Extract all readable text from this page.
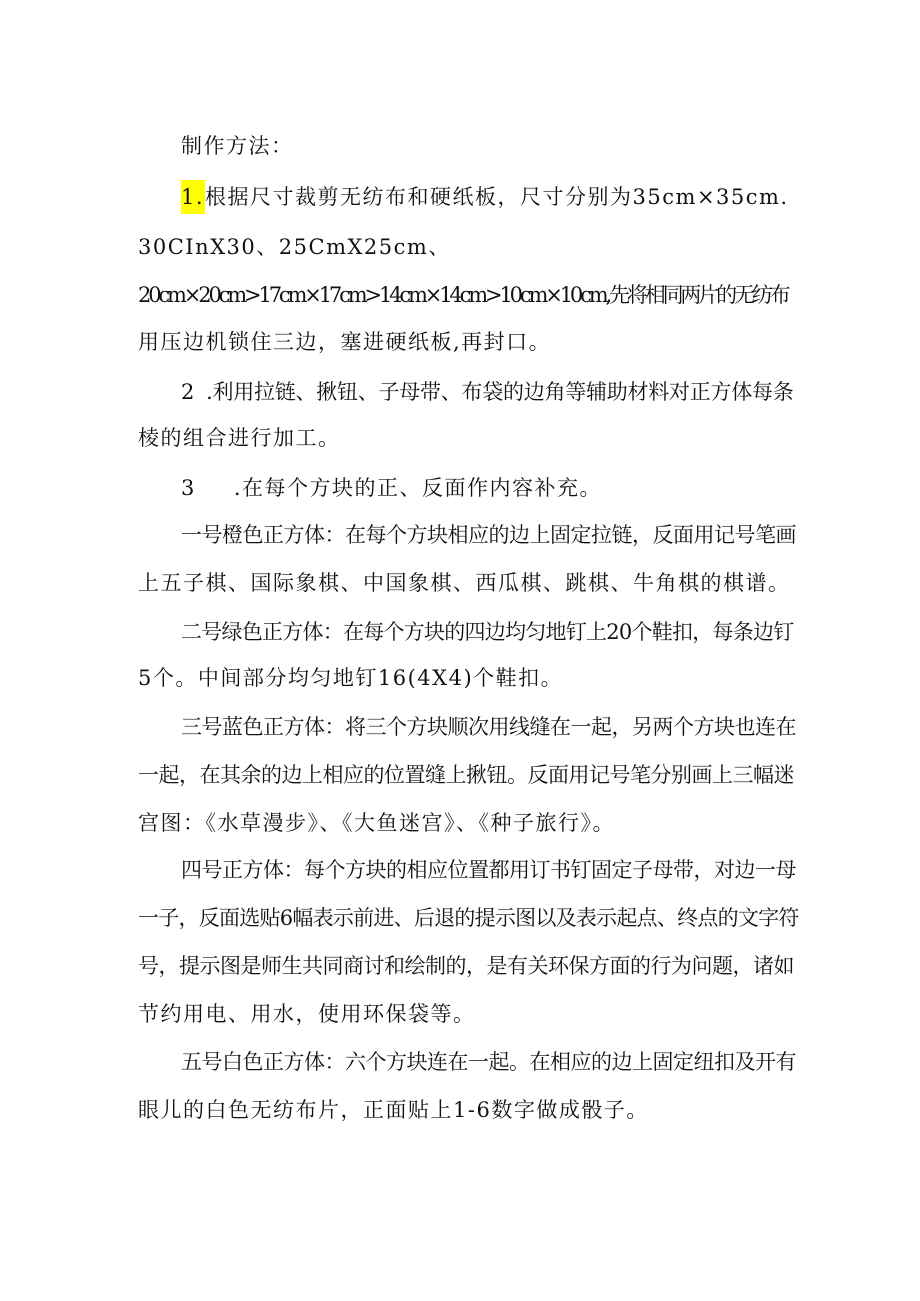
制作方法：
1.根据尺寸裁剪无纺布和硬纸板，尺寸分别为35cm×35cm.
30CInX30、25CmX25cm、
20cm×20cm>17cm×17cm>14cm×14cm>10cm×10cm,先将相同两片的无纺布
用压边机锁住三边，塞进硬纸板,再封口。
2 .利用拉链、揪钮、子母带、布袋的边角等辅助材料对正方体每条
棱的组合进行加工。
3 .在每个方块的正、反面作内容补充。
一号橙色正方体：在每个方块相应的边上固定拉链，反面用记号笔画
上五子棋、国际象棋、中国象棋、西瓜棋、跳棋、牛角棋的棋谱。
二号绿色正方体：在每个方块的四边均匀地钉上20个鞋扣，每条边钉
5个。中间部分均匀地钉16(4X4)个鞋扣。
三号蓝色正方体：将三个方块顺次用线缝在一起，另两个方块也连在
一起，在其余的边上相应的位置缝上揪钮。反面用记号笔分别画上三幅迷
宫图：《水草漫步》、《大鱼迷宫》、《种子旅行》。
四号正方体：每个方块的相应位置都用订书钉固定子母带，对边一母
一子，反面选贴6幅表示前进、后退的提示图以及表示起点、终点的文字符
号，提示图是师生共同商讨和绘制的，是有关环保方面的行为问题，诸如
节约用电、用水，使用环保袋等。
五号白色正方体：六个方块连在一起。在相应的边上固定纽扣及开有
眼儿的白色无纺布片，正面贴上1-6数字做成骰子。
